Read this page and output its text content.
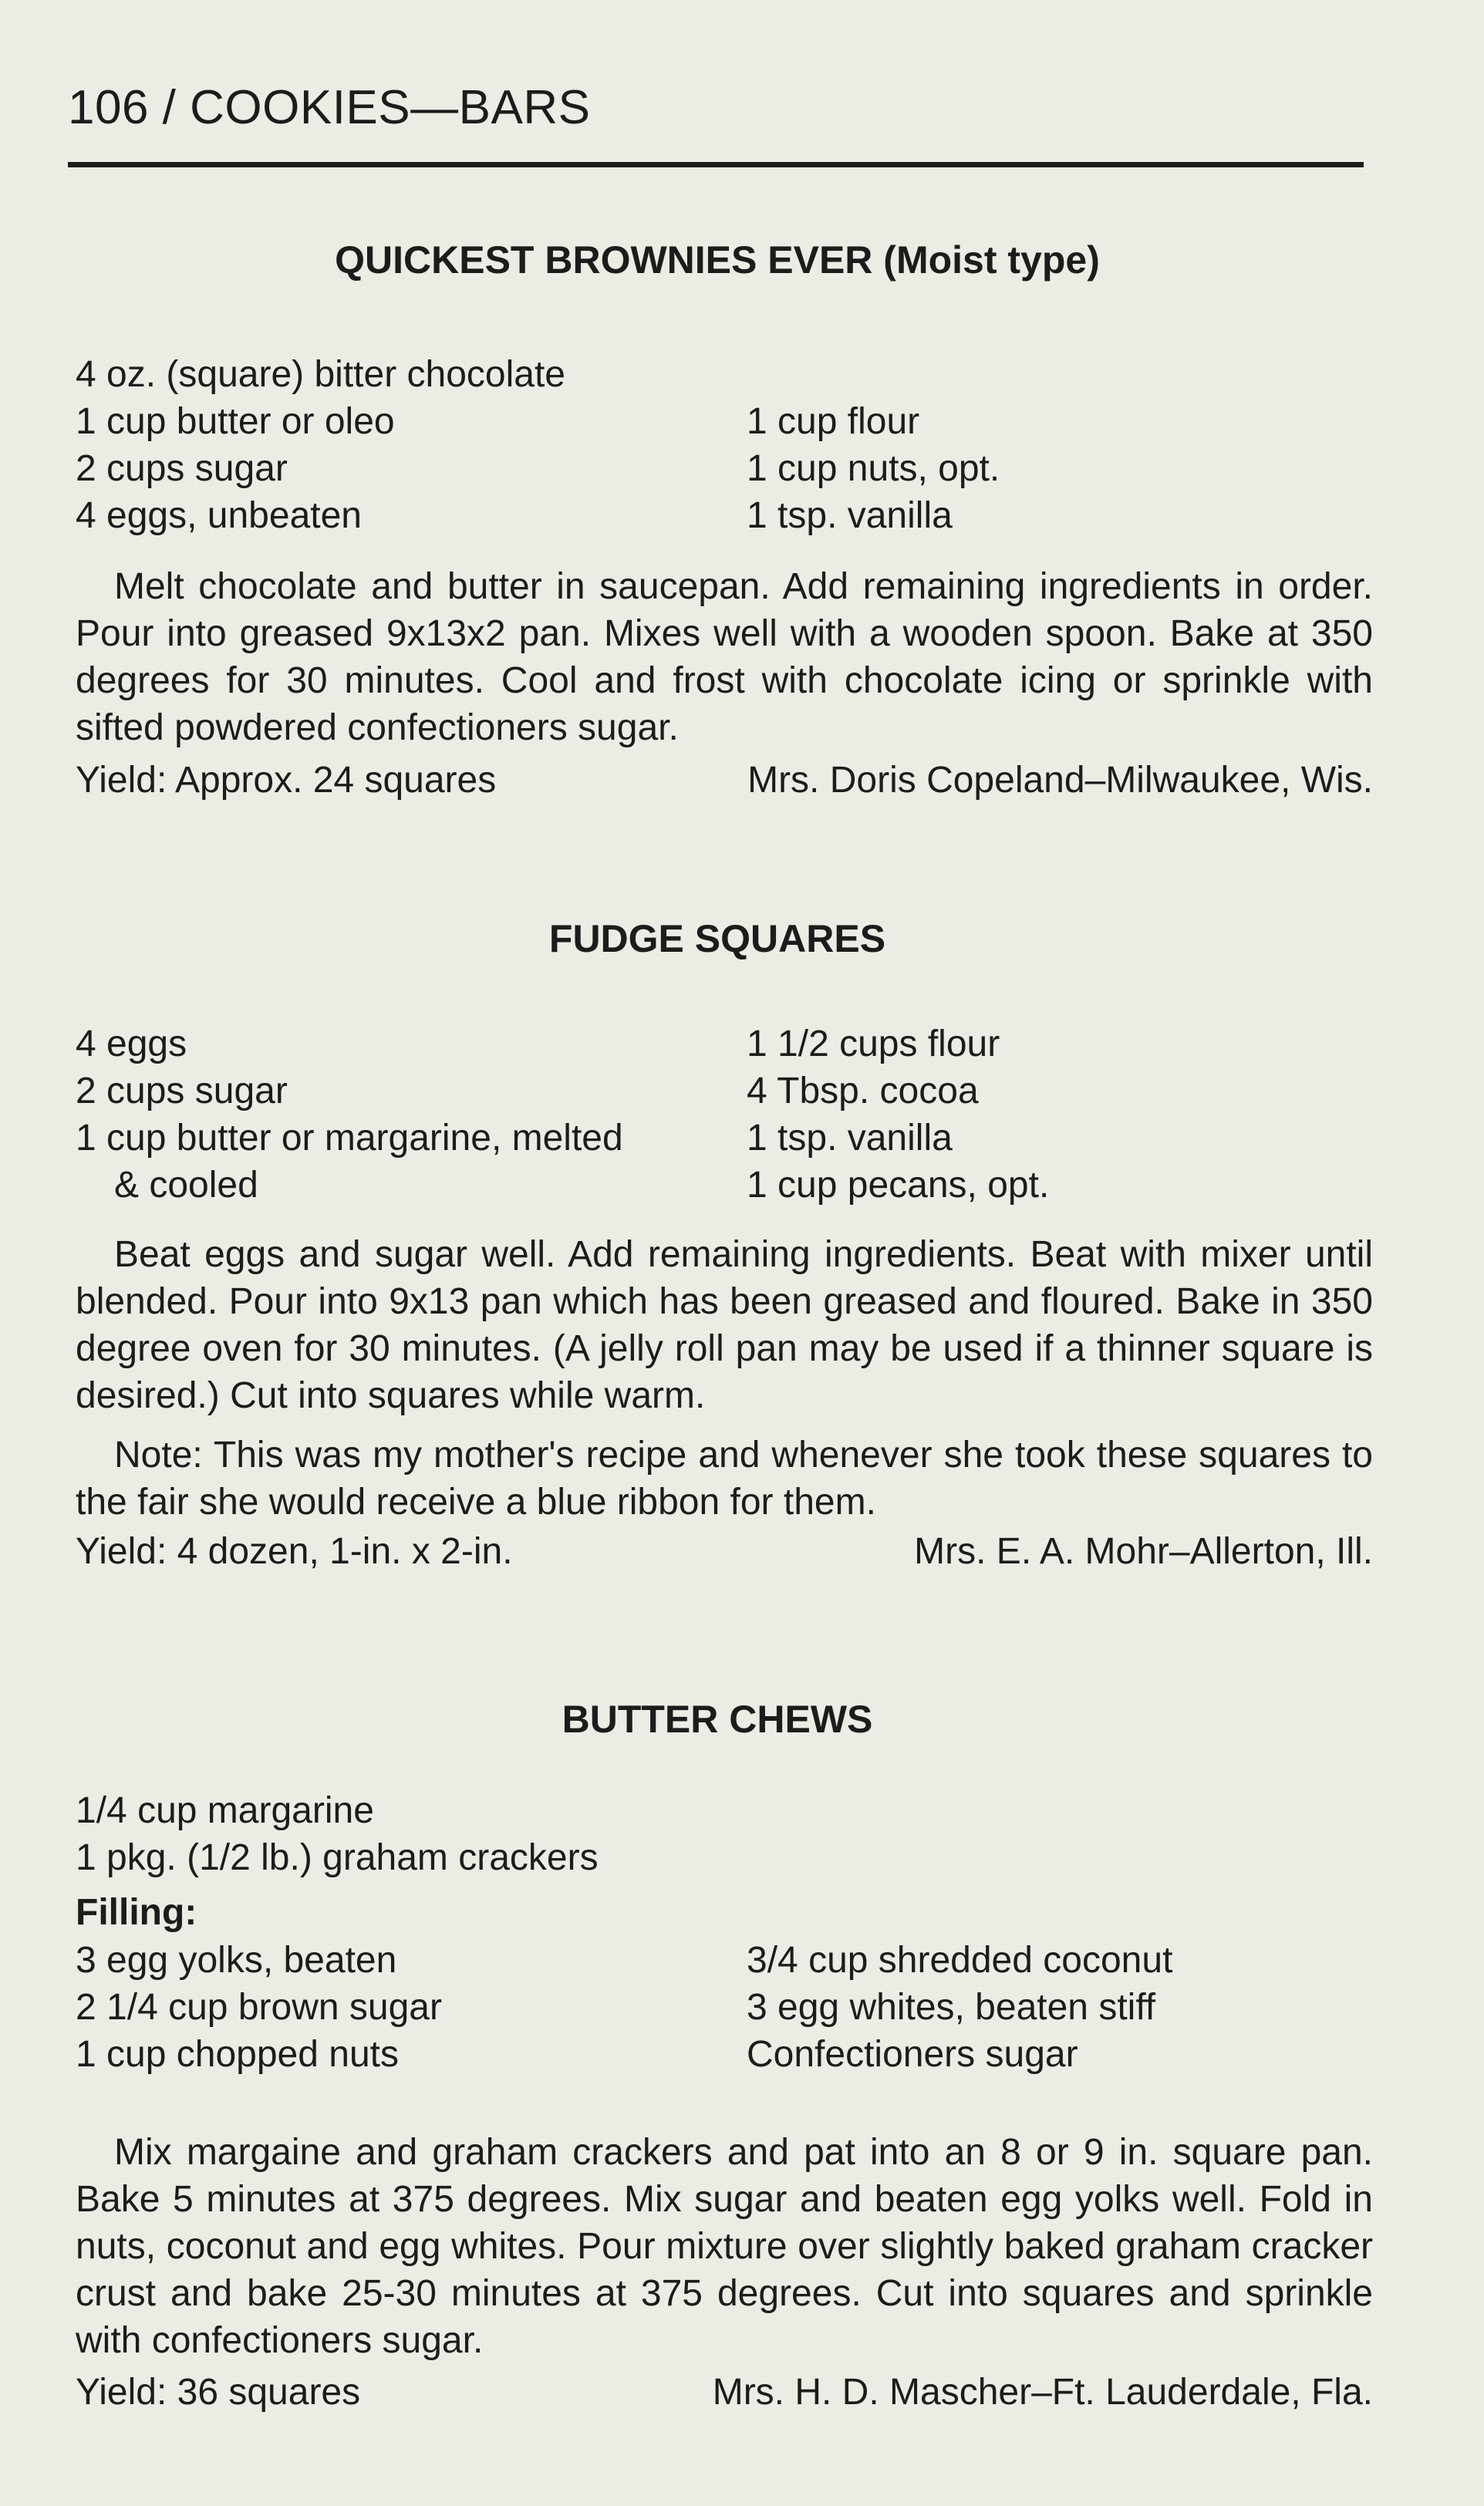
106 / COOKIES—BARS
QUICKEST BROWNIES EVER (Moist type)
4 oz. (square) bitter chocolate
1 cup butter or oleo
2 cups sugar
4 eggs, unbeaten
1 cup flour
1 cup nuts, opt.
1 tsp. vanilla
Melt chocolate and butter in saucepan. Add remaining ingredients in order. Pour into greased 9x13x2 pan. Mixes well with a wooden spoon. Bake at 350 degrees for 30 minutes. Cool and frost with chocolate icing or sprinkle with sifted powdered confectioners sugar.
Yield: Approx. 24 squares	Mrs. Doris Copeland–Milwaukee, Wis.
FUDGE SQUARES
4 eggs
2 cups sugar
1 cup butter or margarine, melted
& cooled
1 1/2 cups flour
4 Tbsp. cocoa
1 tsp. vanilla
1 cup pecans, opt.
Beat eggs and sugar well. Add remaining ingredients. Beat with mixer until blended. Pour into 9x13 pan which has been greased and floured. Bake in 350 degree oven for 30 minutes. (A jelly roll pan may be used if a thinner square is desired.) Cut into squares while warm.
Note: This was my mother's recipe and whenever she took these squares to the fair she would receive a blue ribbon for them.
Yield: 4 dozen, 1-in. x 2-in.	Mrs. E. A. Mohr–Allerton, Ill.
BUTTER CHEWS
1/4 cup margarine
1 pkg. (1/2 lb.) graham crackers
Filling:
3 egg yolks, beaten
2 1/4 cup brown sugar
1 cup chopped nuts
3/4 cup shredded coconut
3 egg whites, beaten stiff
Confectioners sugar
Mix margaine and graham crackers and pat into an 8 or 9 in. square pan. Bake 5 minutes at 375 degrees. Mix sugar and beaten egg yolks well. Fold in nuts, coconut and egg whites. Pour mixture over slightly baked graham cracker crust and bake 25-30 minutes at 375 degrees. Cut into squares and sprinkle with confectioners sugar.
Yield: 36 squares	Mrs. H. D. Mascher–Ft. Lauderdale, Fla.
